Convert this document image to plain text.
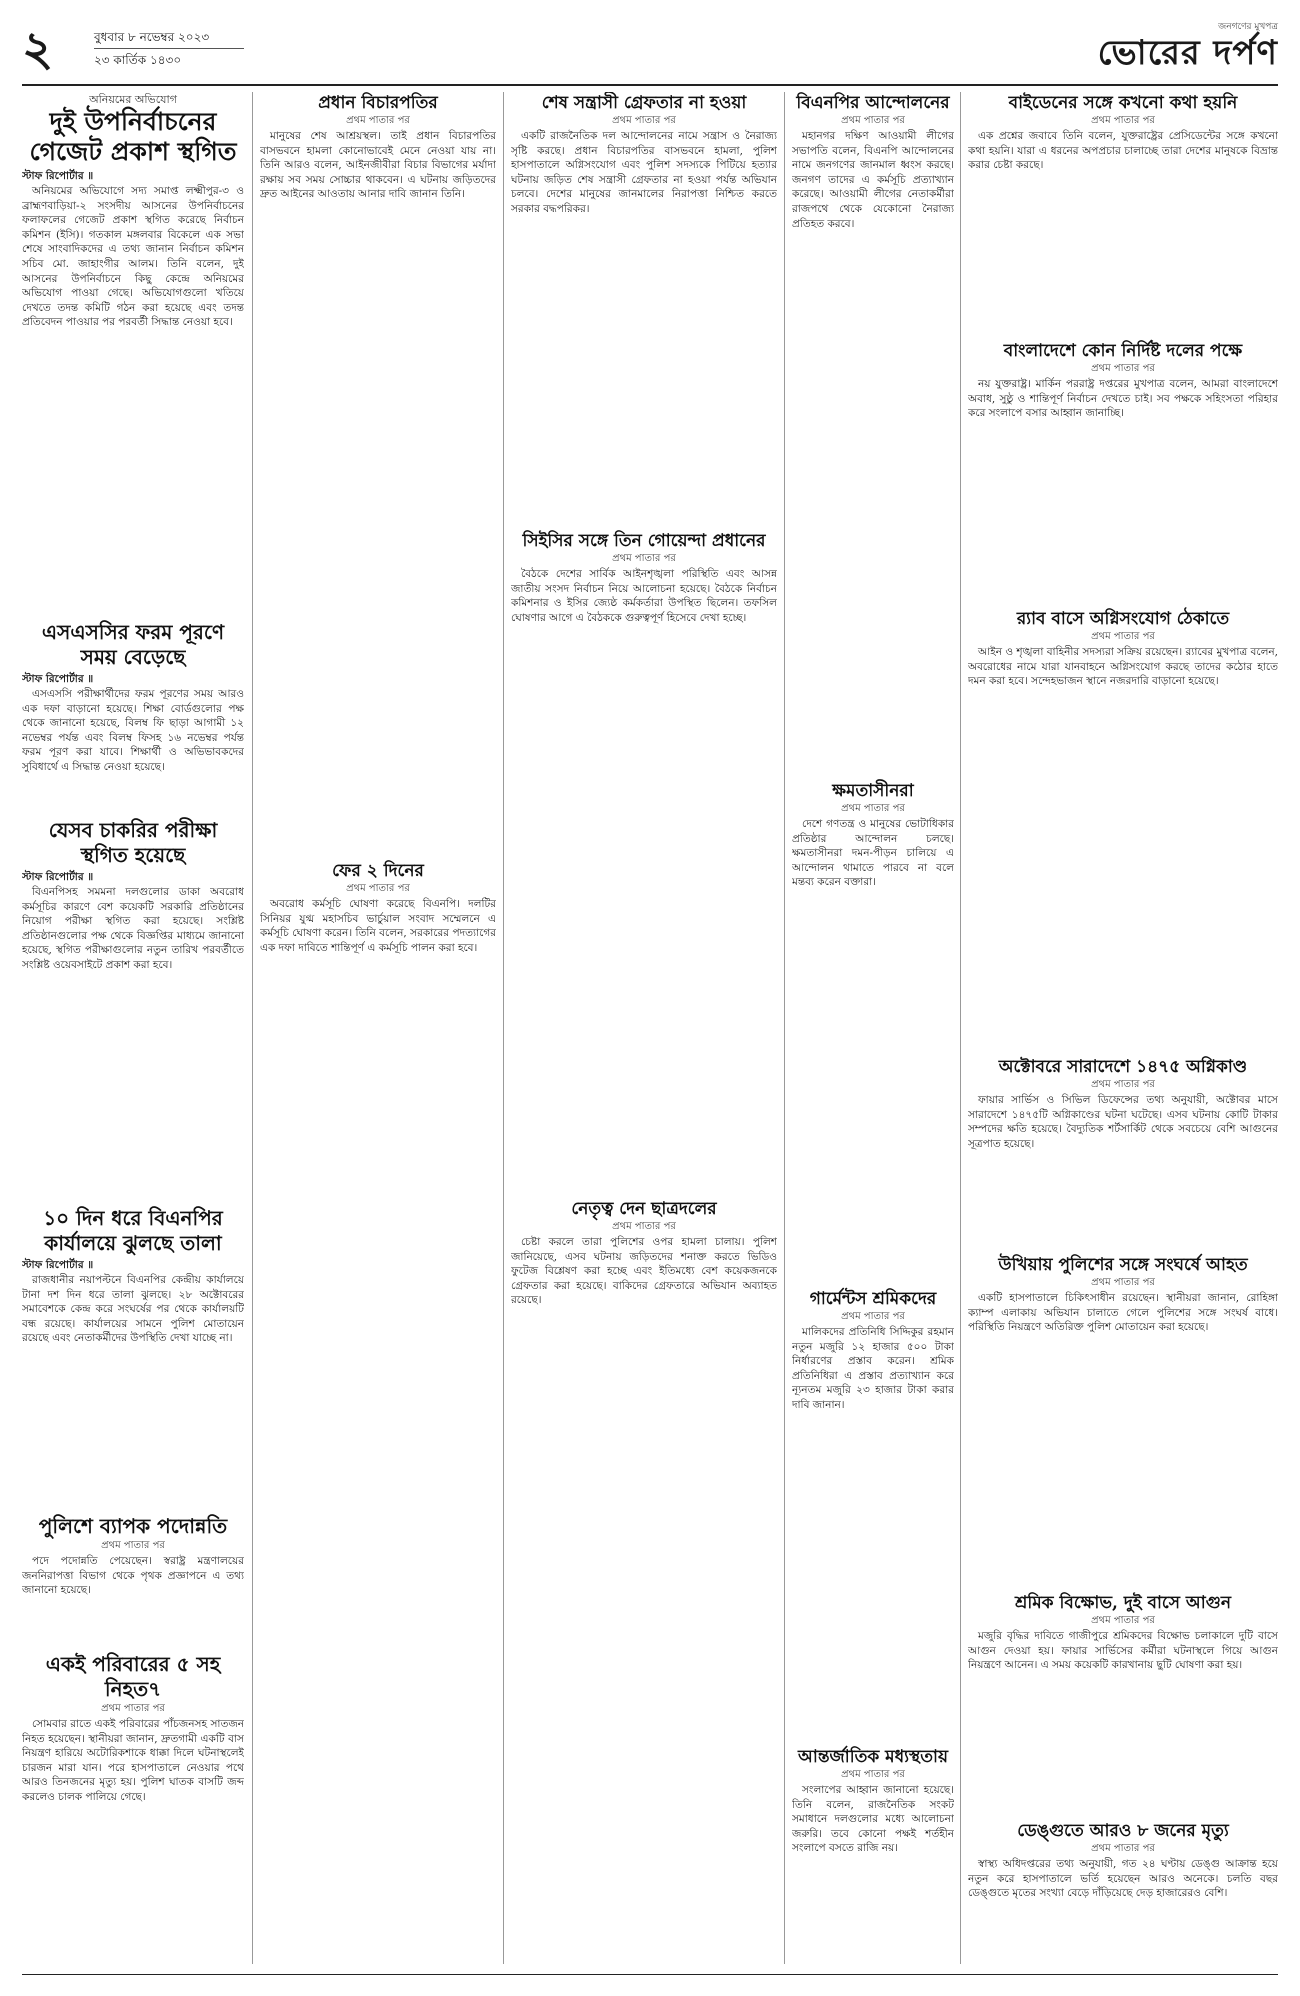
২	বুধবার ৮ নভেম্বর ২০২৩
২৩ কার্তিক ১৪৩০
জনগণের মুখপত্র
ভোরের দর্পণ
অনিয়মের অভিযোগ
দুই উপনির্বাচনের গেজেট প্রকাশ স্থগিত
স্টাফ রিপোর্টার ॥

অনিয়মের অভিযোগে সদ্য সমাপ্ত লক্ষ্মীপুর-৩ ও ব্রাহ্মণবাড়িয়া-২ সংসদীয় আসনের উপনির্বাচনের ফলাফলের গেজেট প্রকাশ স্থগিত করেছে নির্বাচন কমিশন (ইসি)। গতকাল মঙ্গলবার বিকেলে এক সভা শেষে সাংবাদিকদের এ তথ্য জানান নির্বাচন কমিশন সচিব মো. জাহাংগীর আলম। তিনি বলেন, দুই আসনের উপনির্বাচনে কিছু কেন্দ্রে অনিয়মের অভিযোগ পাওয়া গেছে। অভিযোগগুলো খতিয়ে দেখতে তদন্ত কমিটি গঠন করা হয়েছে এবং তদন্ত প্রতিবেদন পাওয়ার পর পরবর্তী সিদ্ধান্ত নেওয়া হবে।

এসএসসির ফরম পূরণে সময় বেড়েছে
স্টাফ রিপোর্টার ॥

এসএসসি পরীক্ষার্থীদের ফরম পূরণের সময় আরও এক দফা বাড়ানো হয়েছে। শিক্ষা বোর্ডগুলোর পক্ষ থেকে জানানো হয়েছে, বিলম্ব ফি ছাড়া আগামী ১২ নভেম্বর পর্যন্ত এবং বিলম্ব ফিসহ ১৬ নভেম্বর পর্যন্ত ফরম পূরণ করা যাবে। শিক্ষার্থী ও অভিভাবকদের সুবিধার্থে এ সিদ্ধান্ত নেওয়া হয়েছে।

যেসব চাকরির পরীক্ষা স্থগিত হয়েছে
স্টাফ রিপোর্টার ॥

বিএনপিসহ সমমনা দলগুলোর ডাকা অবরোধ কর্মসূচির কারণে বেশ কয়েকটি সরকারি প্রতিষ্ঠানের নিয়োগ পরীক্ষা স্থগিত করা হয়েছে। সংশ্লিষ্ট প্রতিষ্ঠানগুলোর পক্ষ থেকে বিজ্ঞপ্তির মাধ্যমে জানানো হয়েছে, স্থগিত পরীক্ষাগুলোর নতুন তারিখ পরবর্তীতে সংশ্লিষ্ট ওয়েবসাইটে প্রকাশ করা হবে।

১০ দিন ধরে বিএনপির কার্যালয়ে ঝুলছে তালা
স্টাফ রিপোর্টার ॥

রাজধানীর নয়াপল্টনে বিএনপির কেন্দ্রীয় কার্যালয়ে টানা দশ দিন ধরে তালা ঝুলছে। ২৮ অক্টোবরের সমাবেশকে কেন্দ্র করে সংঘর্ষের পর থেকে কার্যালয়টি বন্ধ রয়েছে। কার্যালয়ের সামনে পুলিশ মোতায়েন রয়েছে এবং নেতাকর্মীদের উপস্থিতি দেখা যাচ্ছে না।

পুলিশে ব্যাপক পদোন্নতি
প্রথম পাতার পর

পদে পদোন্নতি পেয়েছেন। স্বরাষ্ট্র মন্ত্রণালয়ের জননিরাপত্তা বিভাগ থেকে পৃথক প্রজ্ঞাপনে এ তথ্য জানানো হয়েছে।

একই পরিবারের ৫ সহ নিহত৭
প্রথম পাতার পর

সোমবার রাতে একই পরিবারের পাঁচজনসহ সাতজন নিহত হয়েছেন। স্থানীয়রা জানান, দ্রুতগামী একটি বাস নিয়ন্ত্রণ হারিয়ে অটোরিকশাকে ধাক্কা দিলে ঘটনাস্থলেই চারজন মারা যান। পরে হাসপাতালে নেওয়ার পথে আরও তিনজনের মৃত্যু হয়। পুলিশ ঘাতক বাসটি জব্দ করলেও চালক পালিয়ে গেছে।

প্রধান বিচারপতির
প্রথম পাতার পর

মানুষের শেষ আশ্রয়স্থল। তাই প্রধান বিচারপতির বাসভবনে হামলা কোনোভাবেই মেনে নেওয়া যায় না। তিনি আরও বলেন, আইনজীবীরা বিচার বিভাগের মর্যাদা রক্ষায় সব সময় সোচ্চার থাকবেন। এ ঘটনায় জড়িতদের দ্রুত আইনের আওতায় আনার দাবি জানান তিনি।

ফের ২ দিনের
প্রথম পাতার পর

অবরোধ কর্মসূচি ঘোষণা করেছে বিএনপি। দলটির সিনিয়র যুগ্ম মহাসচিব ভার্চুয়াল সংবাদ সম্মেলনে এ কর্মসূচি ঘোষণা করেন। তিনি বলেন, সরকারের পদত্যাগের এক দফা দাবিতে শান্তিপূর্ণ এ কর্মসূচি পালন করা হবে।

শেষ সন্ত্রাসী গ্রেফতার না হওয়া
প্রথম পাতার পর

একটি রাজনৈতিক দল আন্দোলনের নামে সন্ত্রাস ও নৈরাজ্য সৃষ্টি করছে। প্রধান বিচারপতির বাসভবনে হামলা, পুলিশ হাসপাতালে অগ্নিসংযোগ এবং পুলিশ সদস্যকে পিটিয়ে হত্যার ঘটনায় জড়িত শেষ সন্ত্রাসী গ্রেফতার না হওয়া পর্যন্ত অভিযান চলবে। দেশের মানুষের জানমালের নিরাপত্তা নিশ্চিত করতে সরকার বদ্ধপরিকর।

সিইসির সঙ্গে তিন গোয়েন্দা প্রধানের
প্রথম পাতার পর

বৈঠকে দেশের সার্বিক আইনশৃঙ্খলা পরিস্থিতি এবং আসন্ন জাতীয় সংসদ নির্বাচন নিয়ে আলোচনা হয়েছে। বৈঠকে নির্বাচন কমিশনার ও ইসির জ্যেষ্ঠ কর্মকর্তারা উপস্থিত ছিলেন। তফসিল ঘোষণার আগে এ বৈঠককে গুরুত্বপূর্ণ হিসেবে দেখা হচ্ছে।

নেতৃত্ব দেন ছাত্রদলের
প্রথম পাতার পর

চেষ্টা করলে তারা পুলিশের ওপর হামলা চালায়। পুলিশ জানিয়েছে, এসব ঘটনায় জড়িতদের শনাক্ত করতে ভিডিও ফুটেজ বিশ্লেষণ করা হচ্ছে এবং ইতিমধ্যে বেশ কয়েকজনকে গ্রেফতার করা হয়েছে। বাকিদের গ্রেফতারে অভিযান অব্যাহত রয়েছে।

বিএনপির আন্দোলনের
প্রথম পাতার পর

মহানগর দক্ষিণ আওয়ামী লীগের সভাপতি বলেন, বিএনপি আন্দোলনের নামে জনগণের জানমাল ধ্বংস করছে। জনগণ তাদের এ কর্মসূচি প্রত্যাখ্যান করেছে। আওয়ামী লীগের নেতাকর্মীরা রাজপথে থেকে যেকোনো নৈরাজ্য প্রতিহত করবে।

ক্ষমতাসীনরা
প্রথম পাতার পর

দেশে গণতন্ত্র ও মানুষের ভোটাধিকার প্রতিষ্ঠার আন্দোলন চলছে। ক্ষমতাসীনরা দমন-পীড়ন চালিয়ে এ আন্দোলন থামাতে পারবে না বলে মন্তব্য করেন বক্তারা।

গার্মেন্টস শ্রমিকদের
প্রথম পাতার পর

মালিকদের প্রতিনিধি সিদ্দিকুর রহমান নতুন মজুরি ১২ হাজার ৫০০ টাকা নির্ধারণের প্রস্তাব করেন। শ্রমিক প্রতিনিধিরা এ প্রস্তাব প্রত্যাখ্যান করে ন্যূনতম মজুরি ২৩ হাজার টাকা করার দাবি জানান।

আন্তর্জাতিক মধ্যস্থতায়
প্রথম পাতার পর

সংলাপের আহ্বান জানানো হয়েছে। তিনি বলেন, রাজনৈতিক সংকট সমাধানে দলগুলোর মধ্যে আলোচনা জরুরি। তবে কোনো পক্ষই শর্তহীন সংলাপে বসতে রাজি নয়।

বাইডেনের সঙ্গে কখনো কথা হয়নি
প্রথম পাতার পর

এক প্রশ্নের জবাবে তিনি বলেন, যুক্তরাষ্ট্রের প্রেসিডেন্টের সঙ্গে কখনো কথা হয়নি। যারা এ ধরনের অপপ্রচার চালাচ্ছে তারা দেশের মানুষকে বিভ্রান্ত করার চেষ্টা করছে।

বাংলাদেশে কোন নির্দিষ্ট দলের পক্ষে
প্রথম পাতার পর

নয় যুক্তরাষ্ট্র। মার্কিন পররাষ্ট্র দপ্তরের মুখপাত্র বলেন, আমরা বাংলাদেশে অবাধ, সুষ্ঠু ও শান্তিপূর্ণ নির্বাচন দেখতে চাই। সব পক্ষকে সহিংসতা পরিহার করে সংলাপে বসার আহ্বান জানাচ্ছি।

র‍্যাব বাসে অগ্নিসংযোগ ঠেকাতে
প্রথম পাতার পর

আইন ও শৃঙ্খলা বাহিনীর সদস্যরা সক্রিয় রয়েছেন। র‍্যাবের মুখপাত্র বলেন, অবরোধের নামে যারা যানবাহনে অগ্নিসংযোগ করছে তাদের কঠোর হাতে দমন করা হবে। সন্দেহভাজন স্থানে নজরদারি বাড়ানো হয়েছে।

অক্টোবরে সারাদেশে ১৪৭৫ অগ্নিকাণ্ড
প্রথম পাতার পর

ফায়ার সার্ভিস ও সিভিল ডিফেন্সের তথ্য অনুযায়ী, অক্টোবর মাসে সারাদেশে ১৪৭৫টি অগ্নিকাণ্ডের ঘটনা ঘটেছে। এসব ঘটনায় কোটি টাকার সম্পদের ক্ষতি হয়েছে। বৈদ্যুতিক শর্টসার্কিট থেকে সবচেয়ে বেশি আগুনের সূত্রপাত হয়েছে।

উখিয়ায় পুলিশের সঙ্গে সংঘর্ষে আহত
প্রথম পাতার পর

একটি হাসপাতালে চিকিৎসাধীন রয়েছেন। স্থানীয়রা জানান, রোহিঙ্গা ক্যাম্প এলাকায় অভিযান চালাতে গেলে পুলিশের সঙ্গে সংঘর্ষ বাধে। পরিস্থিতি নিয়ন্ত্রণে অতিরিক্ত পুলিশ মোতায়েন করা হয়েছে।

শ্রমিক বিক্ষোভ, দুই বাসে আগুন
প্রথম পাতার পর

মজুরি বৃদ্ধির দাবিতে গাজীপুরে শ্রমিকদের বিক্ষোভ চলাকালে দুটি বাসে আগুন দেওয়া হয়। ফায়ার সার্ভিসের কর্মীরা ঘটনাস্থলে গিয়ে আগুন নিয়ন্ত্রণে আনেন। এ সময় কয়েকটি কারখানায় ছুটি ঘোষণা করা হয়।

ডেঙ্গুতে আরও ৮ জনের মৃত্যু
প্রথম পাতার পর

স্বাস্থ্য অধিদপ্তরের তথ্য অনুযায়ী, গত ২৪ ঘণ্টায় ডেঙ্গু আক্রান্ত হয়ে নতুন করে হাসপাতালে ভর্তি হয়েছেন আরও অনেকে। চলতি বছর ডেঙ্গুতে মৃতের সংখ্যা বেড়ে দাঁড়িয়েছে দেড় হাজারেরও বেশি।
